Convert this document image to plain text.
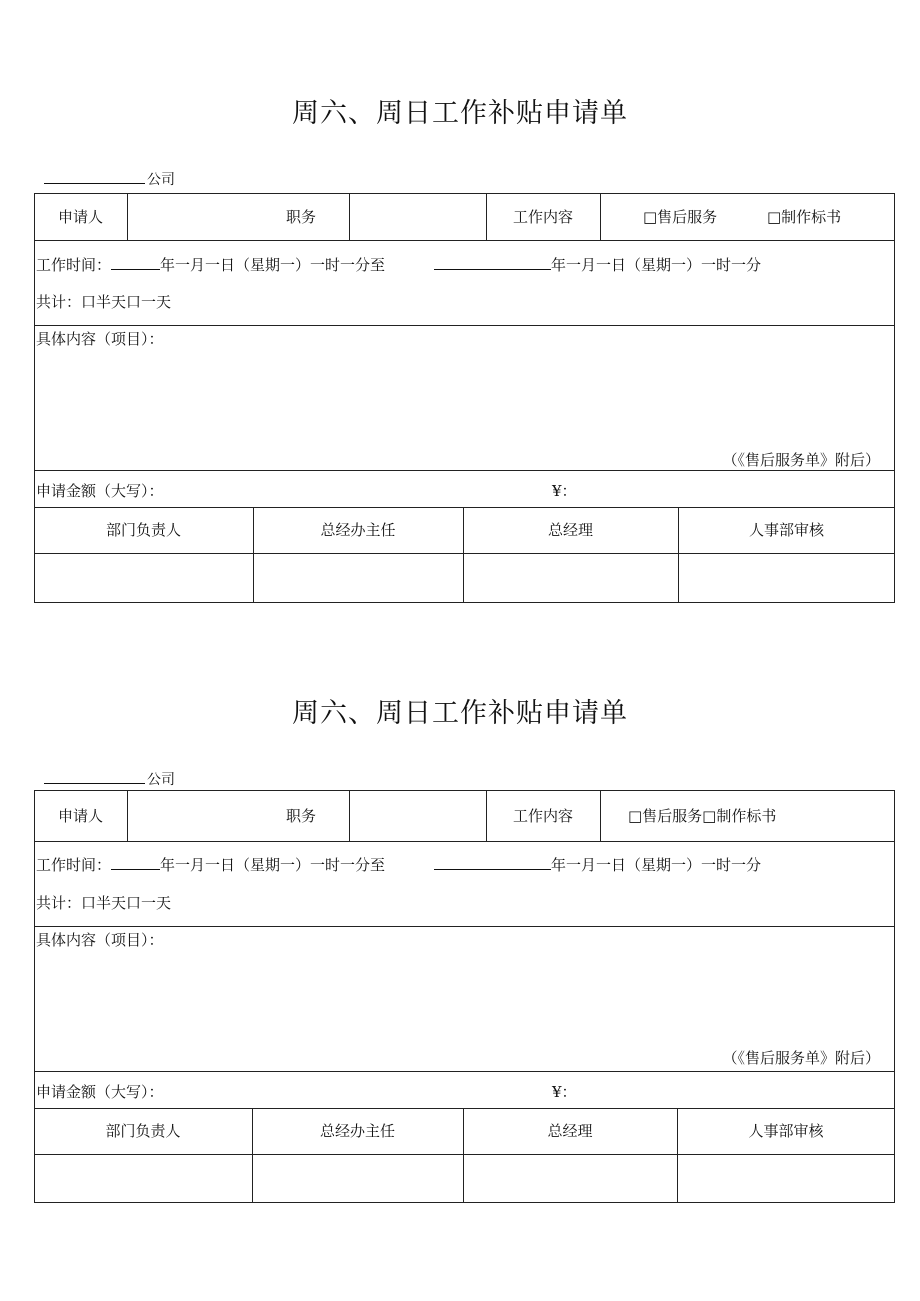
周六、周日工作补贴申请单
公司
申请人	职务	工作内容	□售后服务	□制作标书
工作时间：	年一月一日（星期一）一时一分至	年一月一日（星期一）一时一分
共计：口半天口一天
具体内容（项目）：
（《售后服务单》附后）
申请金额（大写）：	¥：
部门负责人	总经办主任	总经理	人事部审核
周六、周日工作补贴申请单
公司
申请人	职务	工作内容	□售后服务□制作标书
工作时间：	年一月一日（星期一）一时一分至	年一月一日（星期一）一时一分
共计：口半天口一天
具体内容（项目）：
（《售后服务单》附后）
申请金额（大写）：	¥：
部门负责人	总经办主任	总经理	人事部审核
